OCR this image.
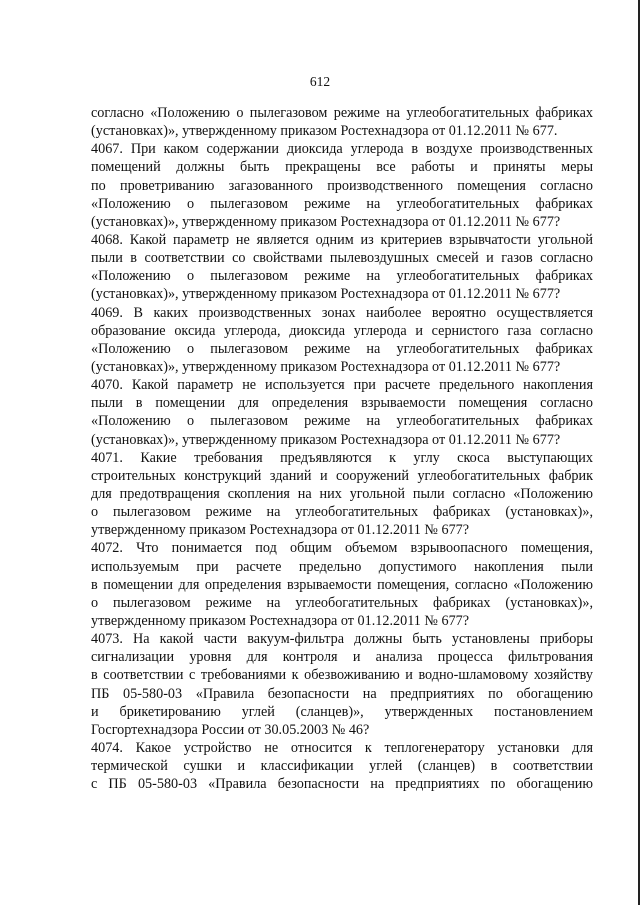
612
согласно «Положению о пылегазовом режиме на углеобогатительных фабриках
(установках)», утвержденному приказом Ростехнадзора от 01.12.2011 № 677.
4067. При каком содержании диоксида углерода в воздухе производственных
помещений должны быть прекращены все работы и приняты меры
по проветриванию загазованного производственного помещения согласно
«Положению о пылегазовом режиме на углеобогатительных фабриках
(установках)», утвержденному приказом Ростехнадзора от 01.12.2011 № 677?
4068. Какой параметр не является одним из критериев взрывчатости угольной
пыли в соответствии со свойствами пылевоздушных смесей и газов согласно
«Положению о пылегазовом режиме на углеобогатительных фабриках
(установках)», утвержденному приказом Ростехнадзора от 01.12.2011 № 677?
4069. В каких производственных зонах наиболее вероятно осуществляется
образование оксида углерода, диоксида углерода и сернистого газа согласно
«Положению о пылегазовом режиме на углеобогатительных фабриках
(установках)», утвержденному приказом Ростехнадзора от 01.12.2011 № 677?
4070. Какой параметр не используется при расчете предельного накопления
пыли в помещении для определения взрываемости помещения согласно
«Положению о пылегазовом режиме на углеобогатительных фабриках
(установках)», утвержденному приказом Ростехнадзора от 01.12.2011 № 677?
4071. Какие требования предъявляются к углу скоса выступающих
строительных конструкций зданий и сооружений углеобогатительных фабрик
для предотвращения скопления на них угольной пыли согласно «Положению
о пылегазовом режиме на углеобогатительных фабриках (установках)»,
утвержденному приказом Ростехнадзора от 01.12.2011 № 677?
4072. Что понимается под общим объемом взрывоопасного помещения,
используемым при расчете предельно допустимого накопления пыли
в помещении для определения взрываемости помещения, согласно «Положению
о пылегазовом режиме на углеобогатительных фабриках (установках)»,
утвержденному приказом Ростехнадзора от 01.12.2011 № 677?
4073. На какой части вакуум-фильтра должны быть установлены приборы
сигнализации уровня для контроля и анализа процесса фильтрования
в соответствии с требованиями к обезвоживанию и водно-шламовому хозяйству
ПБ 05-580-03 «Правила безопасности на предприятиях по обогащению
и брикетированию углей (сланцев)», утвержденных постановлением
Госгортехнадзора России от 30.05.2003 № 46?
4074. Какое устройство не относится к теплогенератору установки для
термической сушки и классификации углей (сланцев) в соответствии
с ПБ 05-580-03 «Правила безопасности на предприятиях по обогащению
